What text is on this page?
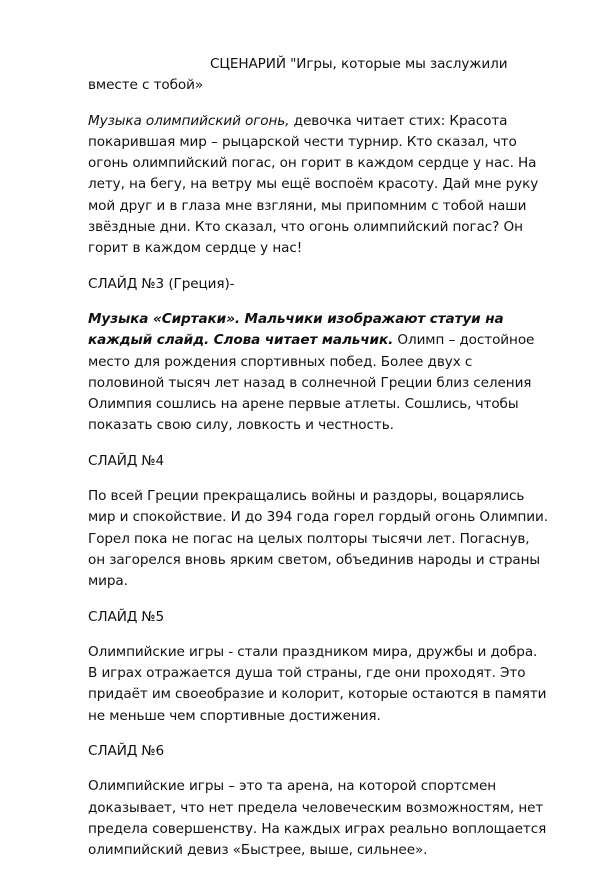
СЦЕНАРИЙ "Игры, которые мы заслужили вместе с тобой»

Музыка олимпийский огонь, девочка читает стих: Красота покарившая мир – рыцарской чести турнир. Кто сказал, что огонь олимпийский погас, он горит в каждом сердце у нас. На лету, на бегу, на ветру мы ещё воспоём красоту. Дай мне руку мой друг и в глаза мне взгляни, мы припомним с тобой наши звёздные дни. Кто сказал, что огонь олимпийский погас? Он горит в каждом сердце у нас!

СЛАЙД №3 (Греция)-

Музыка «Сиртаки». Мальчики изображают статуи на каждый слайд. Слова читает мальчик. Олимп – достойное место для рождения спортивных побед. Более двух с половиной тысяч лет назад в солнечной Греции близ селения Олимпия сошлись на арене первые атлеты. Сошлись, чтобы показать свою силу, ловкость и честность.

СЛАЙД №4

По всей Греции прекращались войны и раздоры, воцарялись мир и спокойствие. И до 394 года горел гордый огонь Олимпии. Горел пока не погас на целых полторы тысячи лет. Погаснув, он загорелся вновь ярким светом, объединив народы и страны мира.

СЛАЙД №5

Олимпийские игры - стали праздником мира, дружбы и добра. В играх отражается душа той страны, где они проходят. Это придаёт им своеобразие и колорит, которые остаются в памяти не меньше чем спортивные достижения.

СЛАЙД №6

Олимпийские игры – это та арена, на которой спортсмен доказывает, что нет предела человеческим возможностям, нет предела совершенству. На каждых играх реально воплощается олимпийский девиз «Быстрее, выше, сильнее».
